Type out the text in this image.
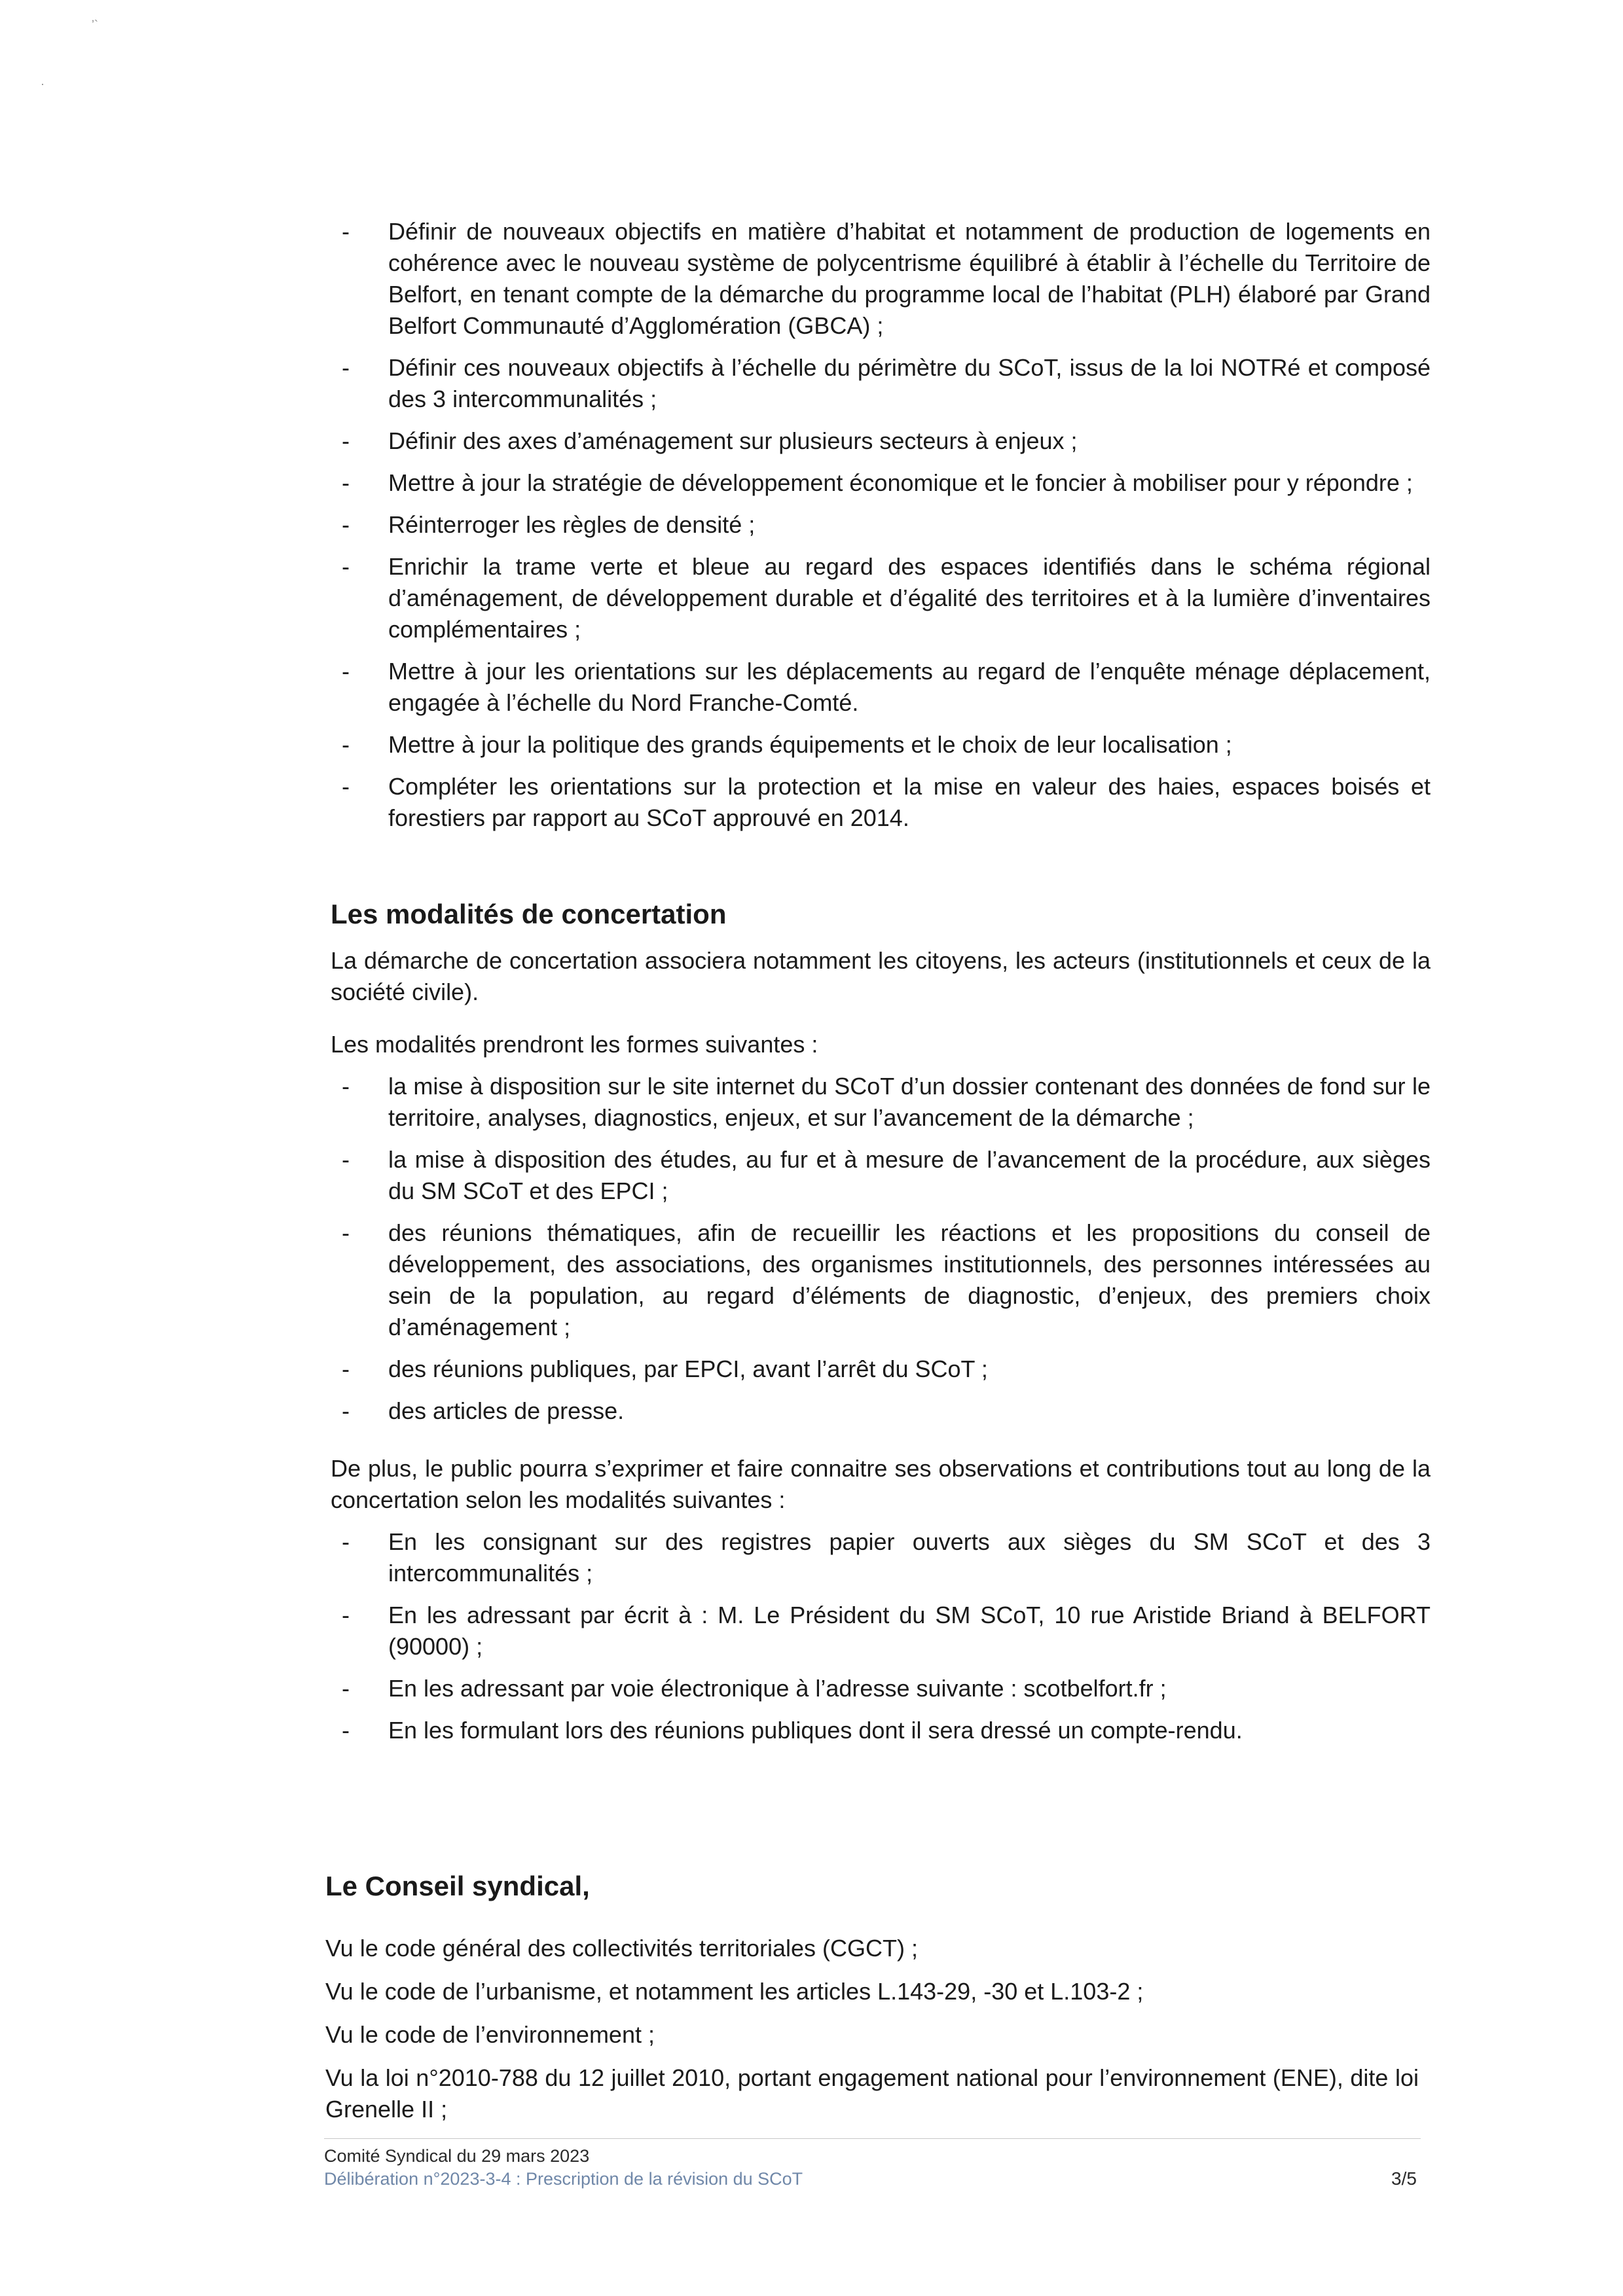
ʼ`
·
- Définir de nouveaux objectifs en matière d’habitat et notamment de production de logements en cohérence avec le nouveau système de polycentrisme équilibré à établir à l’échelle du Territoire de Belfort, en tenant compte de la démarche du programme local de l’habitat (PLH) élaboré par Grand Belfort Communauté d’Agglomération (GBCA) ;
- Définir ces nouveaux objectifs à l’échelle du périmètre du SCoT, issus de la loi NOTRé et composé des 3 intercommunalités ;
- Définir des axes d’aménagement sur plusieurs secteurs à enjeux ;
- Mettre à jour la stratégie de développement économique et le foncier à mobiliser pour y répondre ;
- Réinterroger les règles de densité ;
- Enrichir la trame verte et bleue au regard des espaces identifiés dans le schéma régional d’aménagement, de développement durable et d’égalité des territoires et à la lumière d’inventaires complémentaires ;
- Mettre à jour les orientations sur les déplacements au regard de l’enquête ménage déplacement, engagée à l’échelle du Nord Franche-Comté.
- Mettre à jour la politique des grands équipements et le choix de leur localisation ;
- Compléter les orientations sur la protection et la mise en valeur des haies, espaces boisés et forestiers par rapport au SCoT approuvé en 2014.
Les modalités de concertation

La démarche de concertation associera notamment les citoyens, les acteurs (institutionnels et ceux de la société civile).

Les modalités prendront les formes suivantes :

- la mise à disposition sur le site internet du SCoT d’un dossier contenant des données de fond sur le territoire, analyses, diagnostics, enjeux, et sur l’avancement de la démarche ;
- la mise à disposition des études, au fur et à mesure de l’avancement de la procédure, aux sièges du SM SCoT et des EPCI ;
- des réunions thématiques, afin de recueillir les réactions et les propositions du conseil de développement, des associations, des organismes institutionnels, des personnes intéressées au sein de la population, au regard d’éléments de diagnostic, d’enjeux, des premiers choix d’aménagement ;
- des réunions publiques, par EPCI, avant l’arrêt du SCoT ;
- des articles de presse.

De plus, le public pourra s’exprimer et faire connaitre ses observations et contributions tout au long de la concertation selon les modalités suivantes :

- En les consignant sur des registres papier ouverts aux sièges du SM SCoT et des 3 intercommunalités ;
- En les adressant par écrit à : M. Le Président du SM SCoT, 10 rue Aristide Briand à BELFORT (90000) ;
- En les adressant par voie électronique à l’adresse suivante : scotbelfort.fr ;
- En les formulant lors des réunions publiques dont il sera dressé un compte-rendu.
Le Conseil syndical,

Vu le code général des collectivités territoriales (CGCT) ;

Vu le code de l’urbanisme, et notamment les articles L.143-29, -30 et L.103-2 ;

Vu le code de l’environnement ;

Vu la loi n°2010-788 du 12 juillet 2010, portant engagement national pour l’environnement (ENE), dite loi Grenelle II ;

Comité Syndical du 29 mars 2023
Délibération n°2023-3-4 : Prescription de la révision du SCoT	3/5
